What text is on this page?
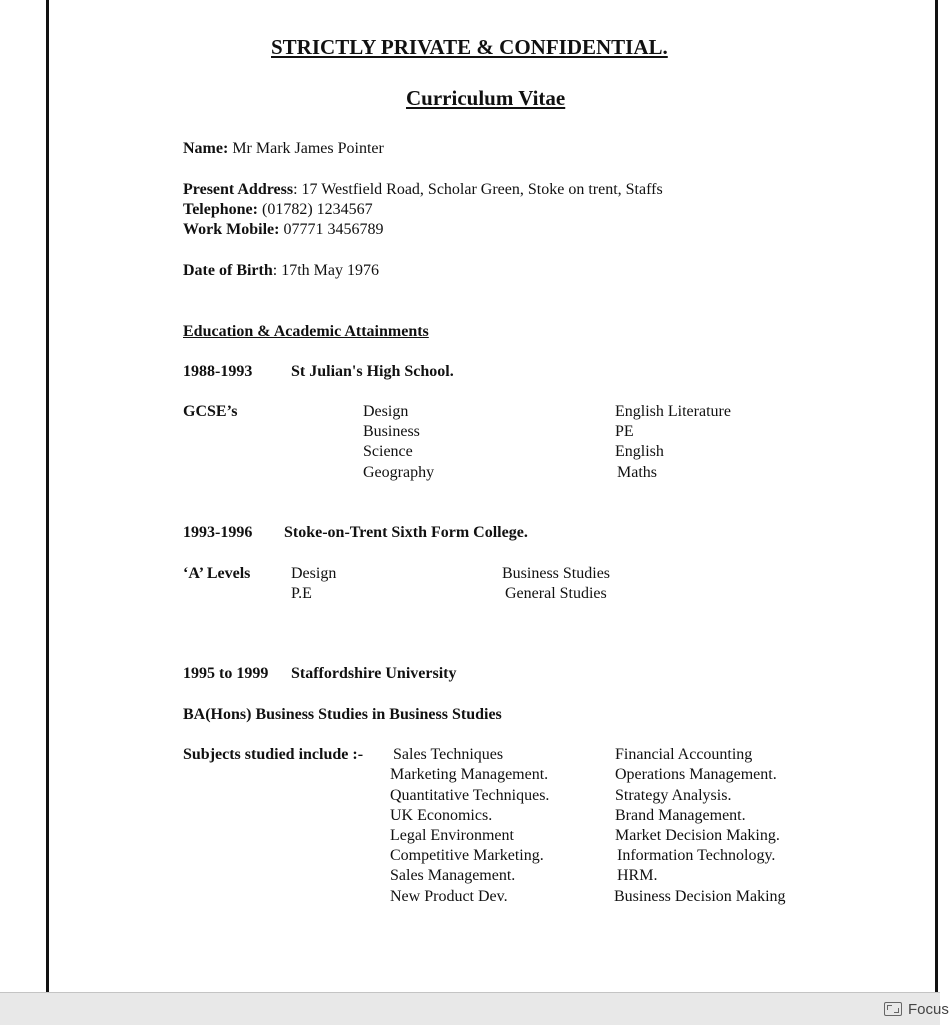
STRICTLY PRIVATE & CONFIDENTIAL.
Curriculum Vitae
Name: Mr Mark James Pointer
Present Address: 17 Westfield Road, Scholar Green, Stoke on trent, Staffs
Telephone: (01782) 1234567
Work Mobile: 07771 3456789
Date of Birth: 17th May 1976
Education & Academic Attainments
1988-1993 St Julian's High School.
GCSE’s	Design
Business
Science
Geography
English Literature
PE
English
Maths
1993-1996 Stoke-on-Trent Sixth Form College.
‘A’ Levels	Design
P.E
Business Studies
General Studies
1995 to 1999 Staffordshire University
BA(Hons) Business Studies in Business Studies
Subjects studied include :- Sales Techniques
Marketing Management.
Quantitative Techniques.
UK Economics.
Legal Environment
Competitive Marketing.
Sales Management.
New Product Dev.
Financial Accounting
Operations Management.
Strategy Analysis.
Brand Management.
Market Decision Making.
Information Technology.
HRM.
Business Decision Making
Focus
